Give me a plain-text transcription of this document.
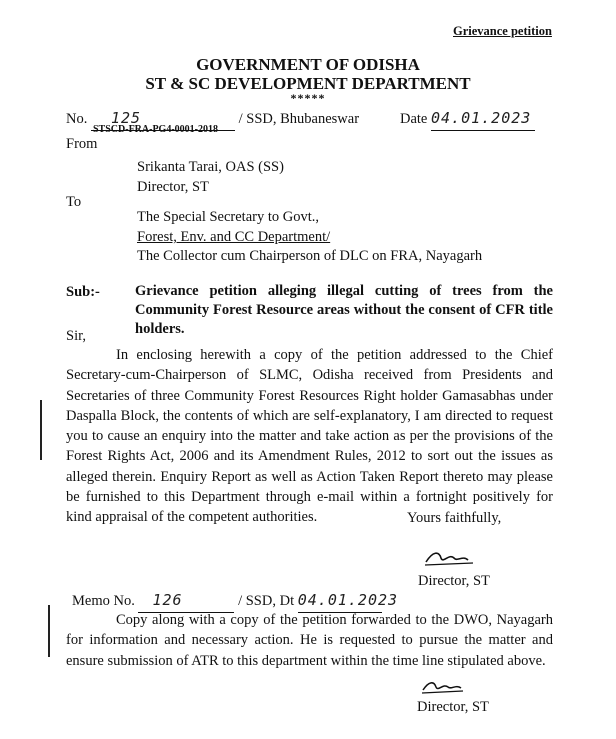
Grievance petition
GOVERNMENT OF ODISHA
ST & SC DEVELOPMENT DEPARTMENT
*****
No. 125	/ SSD, Bhubaneswar	Date 04.01.2023
STSCD-FRA-PG4-0001-2018
From
Srikanta Tarai, OAS (SS)
Director, ST
To
The Special Secretary to Govt.,
Forest, Env. and CC Department/
The Collector cum Chairperson of DLC on FRA, Nayagarh
Sub:- Grievance petition alleging illegal cutting of trees from the Community Forest Resource areas without the consent of CFR title holders.
Sir,
In enclosing herewith a copy of the petition addressed to the Chief Secretary-cum-Chairperson of SLMC, Odisha received from Presidents and Secretaries of three Community Forest Resources Right holder Gamasabhas under Daspalla Block, the contents of which are self-explanatory, I am directed to request you to cause an enquiry into the matter and take action as per the provisions of the Forest Rights Act, 2006 and its Amendment Rules, 2012 to sort out the issues as alleged therein. Enquiry Report as well as Action Taken Report thereto may please be furnished to this Department through e-mail within a fortnight positively for kind appraisal of the competent authorities.	Yours faithfully,
Director, ST
Memo No. 126	/ SSD, Dt 04.01.2023
Copy along with a copy of the petition forwarded to the DWO, Nayagarh for information and necessary action. He is requested to pursue the matter and ensure submission of ATR to this department within the time line stipulated above.
Director, ST
